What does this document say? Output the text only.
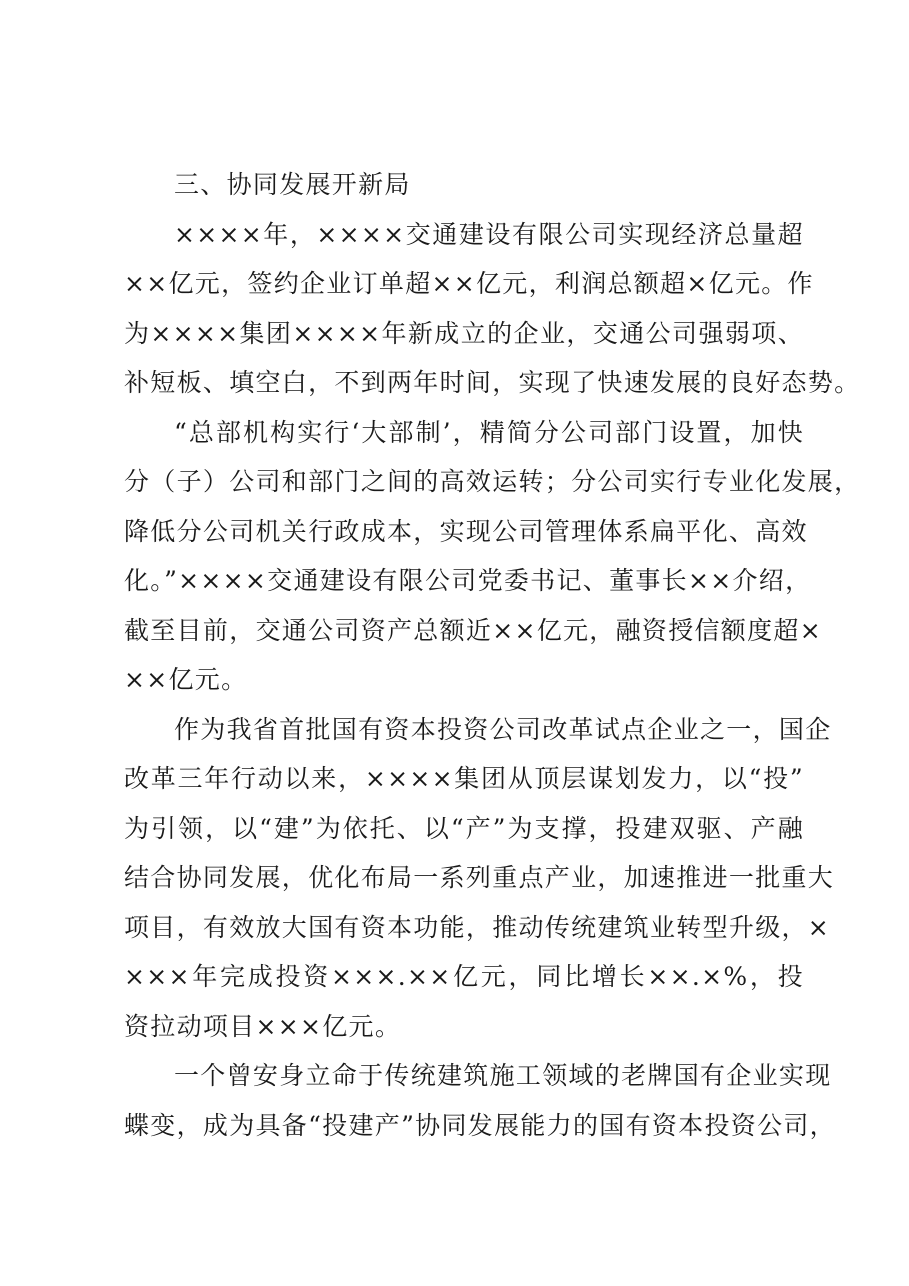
三、协同发展开新局
××××年，××××交通建设有限公司实现经济总量超
××亿元，签约企业订单超××亿元，利润总额超×亿元。作
为××××集团××××年新成立的企业，交通公司强弱项、
补短板、填空白，不到两年时间，实现了快速发展的良好态势。
“总部机构实行‘大部制’，精简分公司部门设置，加快
分（子）公司和部门之间的高效运转；分公司实行专业化发展，
降低分公司机关行政成本，实现公司管理体系扁平化、高效
化。”××××交通建设有限公司党委书记、董事长××介绍，
截至目前，交通公司资产总额近××亿元，融资授信额度超×
××亿元。
作为我省首批国有资本投资公司改革试点企业之一，国企
改革三年行动以来，××××集团从顶层谋划发力，以“投”
为引领，以“建”为依托、以“产”为支撑，投建双驱、产融
结合协同发展，优化布局一系列重点产业，加速推进一批重大
项目，有效放大国有资本功能，推动传统建筑业转型升级，×
×××年完成投资×××.××亿元，同比增长××.×%，投
资拉动项目×××亿元。
一个曾安身立命于传统建筑施工领域的老牌国有企业实现
蝶变，成为具备“投建产”协同发展能力的国有资本投资公司，
